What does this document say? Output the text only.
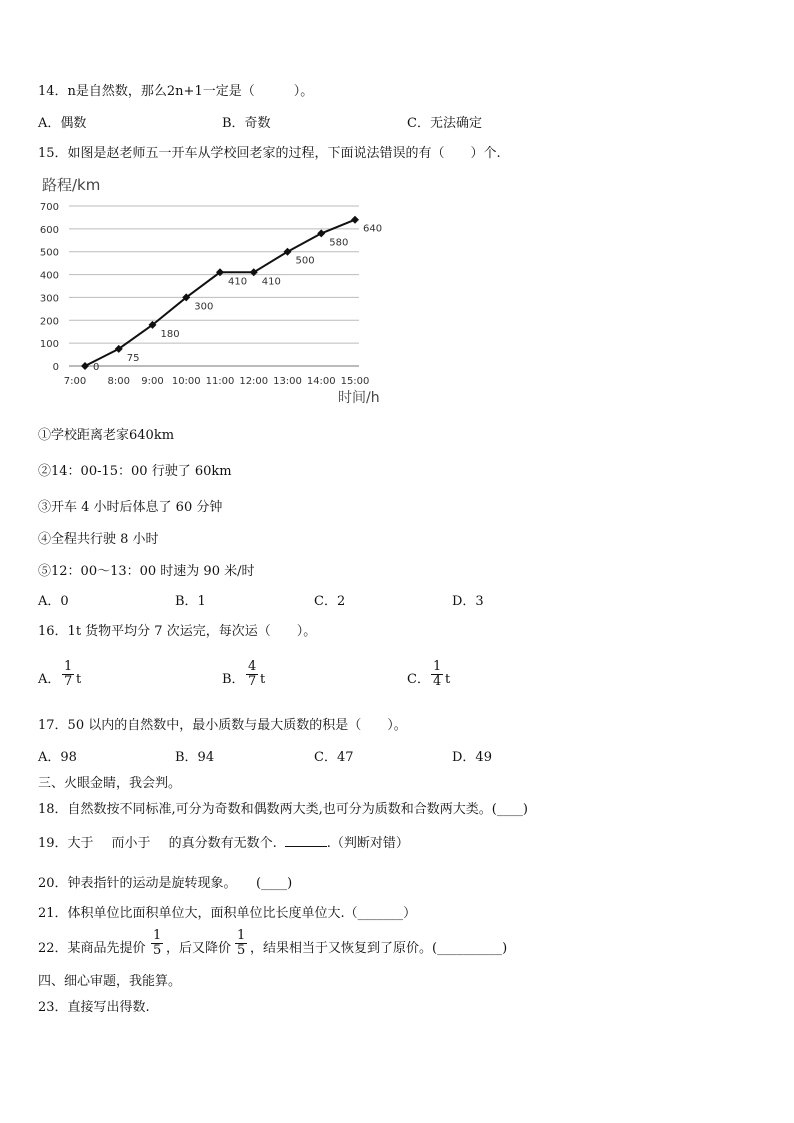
14．n是自然数，那么2n+1一定是（　　　）。
A．偶数	B．奇数	C．无法确定
15．如图是赵老师五一开车从学校回老家的过程，下面说法错误的有（　　）个.
路程/km
时间/h
0
100
200
300
400
500
600
700
7:00 8:00 9:00 10:00 11:00 12:00 13:00 14:00 15:00
0
75
180
300
410 410
500
580
640
①学校距离老家640km
②14：00-15：00 行驶了 60km
③开车 4 小时后体息了 60 分钟
④全程共行驶 8 小时
⑤12：00～13：00 时速为 90 米/时
A．0	B．1	C．2	D．3
16．1t 货物平均分 7 次运完，每次运（　　）。
A． $\frac{1}{7}$ t	B． $\frac{4}{7}$ t	C． $\frac{1}{4}$ t
17．50 以内的自然数中，最小质数与最大质数的积是（　　）。
A．98	B．94	C．47	D．49
三、火眼金睛，我会判。
18．自然数按不同标准,可分为奇数和偶数两大类,也可分为质数和合数两大类。(____)
19．大于 而小于 的真分数有无数个.	.（判断对错）
20．钟表指针的运动是旋转现象。　　(____)
21．体积单位比面积单位大，面积单位比长度单位大.（_______）
22．某商品先提价 $\frac{1}{5}$ ，后又降价 $\frac{1}{5}$ ，结果相当于又恢复到了原价。(__________)
四、细心审题，我能算。
23．直接写出得数.
